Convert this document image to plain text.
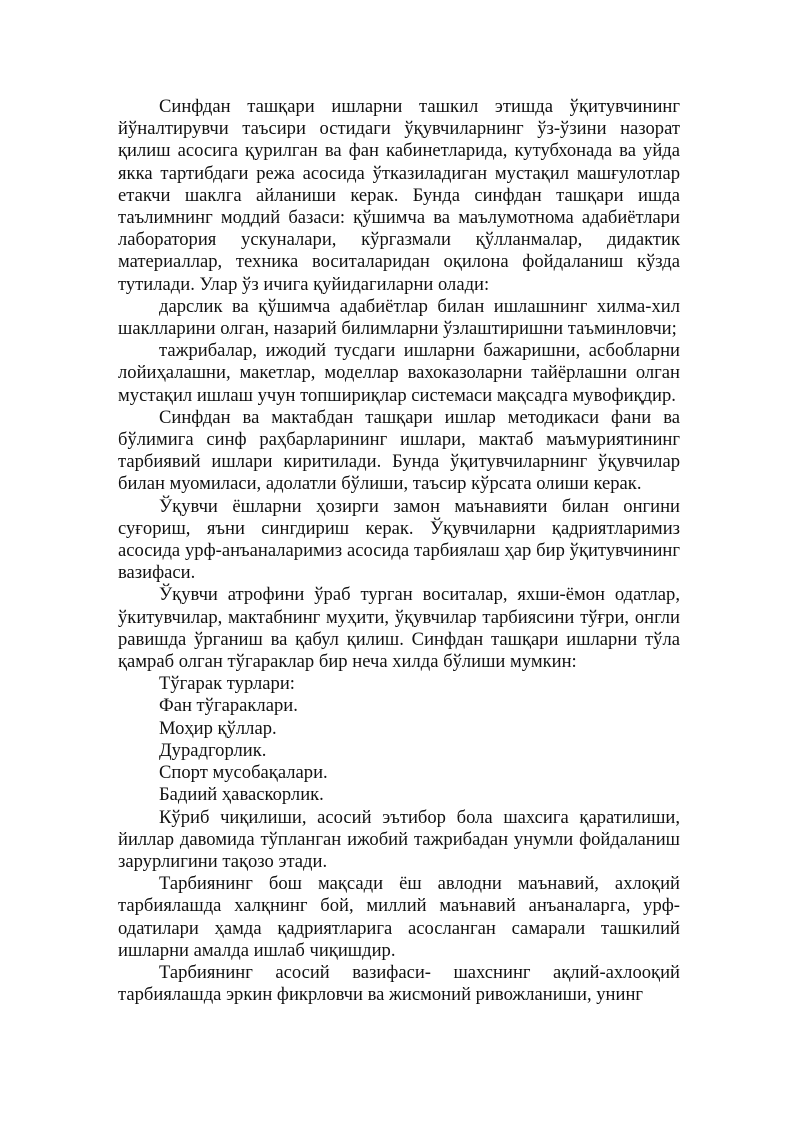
Синфдан ташқари ишларни ташкил этишда ўқитувчининг йўналтирувчи таъсири остидаги ўқувчиларнинг ўз-ўзини назорат қилиш асосига қурилган ва фан кабинетларида, кутубхонада ва уйда якка тартибдаги режа асосида ўтказиладиган мустақил машғулотлар етакчи шаклга айланиши керак. Бунда синфдан ташқари ишда таълимнинг моддий базаси: қўшимча ва маълумотнома адабиётлари лаборатория ускуналари, кўргазмали қўлланмалар, дидактик материаллар, техника воситаларидан оқилона фойдаланиш кўзда тутилади. Улар ўз ичига қуйидагиларни олади:

дарслик ва қўшимча адабиётлар билан ишлашнинг хилма-хил шаклларини олган, назарий билимларни ўзлаштиришни таъминловчи;

тажрибалар, ижодий тусдаги ишларни бажаришни, асбобларни лойиҳалашни, макетлар, моделлар вахоказоларни тайёрлашни олган мустақил ишлаш учун топшириқлар системаси мақсадга мувофиқдир.

Синфдан ва мактабдан ташқари ишлар методикаси фани ва бўлимига синф раҳбарларининг ишлари, мактаб маъмуриятининг тарбиявий ишлари киритилади. Бунда ўқитувчиларнинг ўқувчилар билан муомиласи, адолатли бўлиши, таъсир кўрсата олиши керак.

Ўқувчи ёшларни ҳозирги замон маънавияти билан онгини суғориш, яъни сингдириш керак. Ўқувчиларни қадриятларимиз асосида урф-анъаналаримиз асосида тарбиялаш ҳар бир ўқитувчининг вазифаси.

Ўқувчи атрофини ўраб турган воситалар, яхши-ёмон одатлар, ўкитувчилар, мактабнинг муҳити, ўқувчилар тарбиясини тўғри, онгли равишда ўрганиш ва қабул қилиш. Синфдан ташқари ишларни тўла қамраб олган тўгараклар бир неча хилда бўлиши мумкин:

Тўгарак турлари:

Фан тўгараклари.

Моҳир қўллар.

Дурадгорлик.

Спорт мусобақалари.

Бадиий ҳаваскорлик.

Кўриб чиқилиши, асосий эътибор бола шахсига қаратилиши, йиллар давомида тўпланган ижобий тажрибадан унумли фойдаланиш зарурлигини тақозо этади.

Тарбиянинг бош мақсади ёш авлодни маънавий, ахлоқий тарбиялашда халқнинг бой, миллий маънавий анъаналарга, урф-одатилари ҳамда қадриятларига асосланган самарали ташкилий ишларни амалда ишлаб чиқишдир.

Тарбиянинг асосий вазифаси- шахснинг ақлий-ахлооқий тарбиялашда эркин фикрловчи ва жисмоний ривожланиши, унинг
